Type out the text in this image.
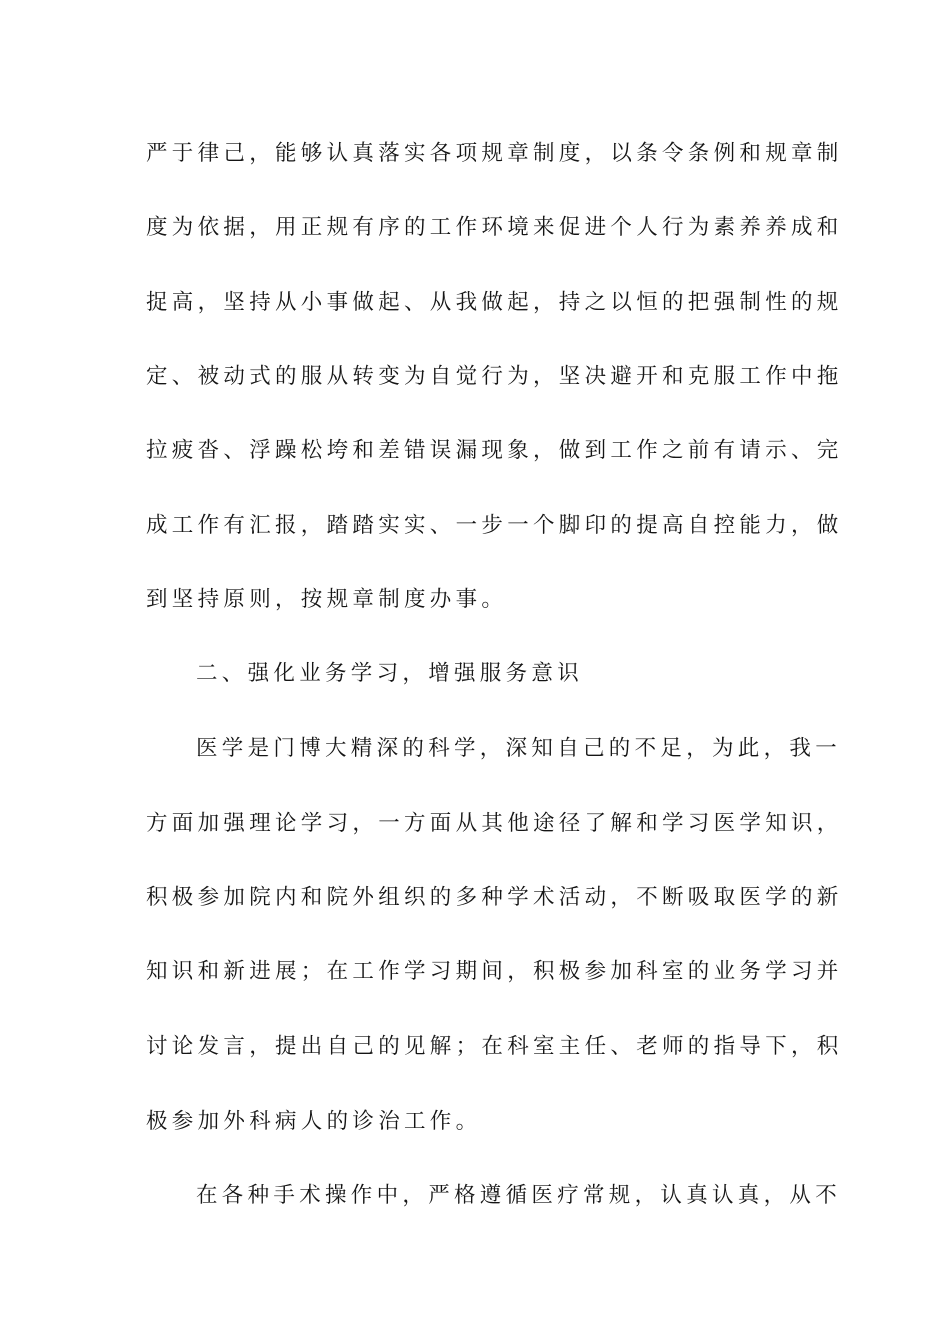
严于律己，能够认真落实各项规章制度，以条令条例和规章制
度为依据，用正规有序的工作环境来促进个人行为素养养成和
捉高，坚持从小事做起、从我做起，持之以恒的把强制性的规
定、被动式的服从转变为自觉行为，坚决避开和克服工作中拖
拉疲沓、浮躁松垮和差错误漏现象，做到工作之前有请示、完
成工作有汇报，踏踏实实、一步一个脚印的提高自控能力，做
到坚持原则，按规章制度办事。
二、强化业务学习，增强服务意识
医学是门博大精深的科学，深知自己的不足，为此，我一
方面加强理论学习，一方面从其他途径了解和学习医学知识，
积极参加院内和院外组织的多种学术活动，不断吸取医学的新
知识和新进展；在工作学习期间，积极参加科室的业务学习并
讨论发言，提出自己的见解；在科室主任、老师的指导下，积
极参加外科病人的诊治工作。
在各种手术操作中，严格遵循医疗常规，认真认真，从不
